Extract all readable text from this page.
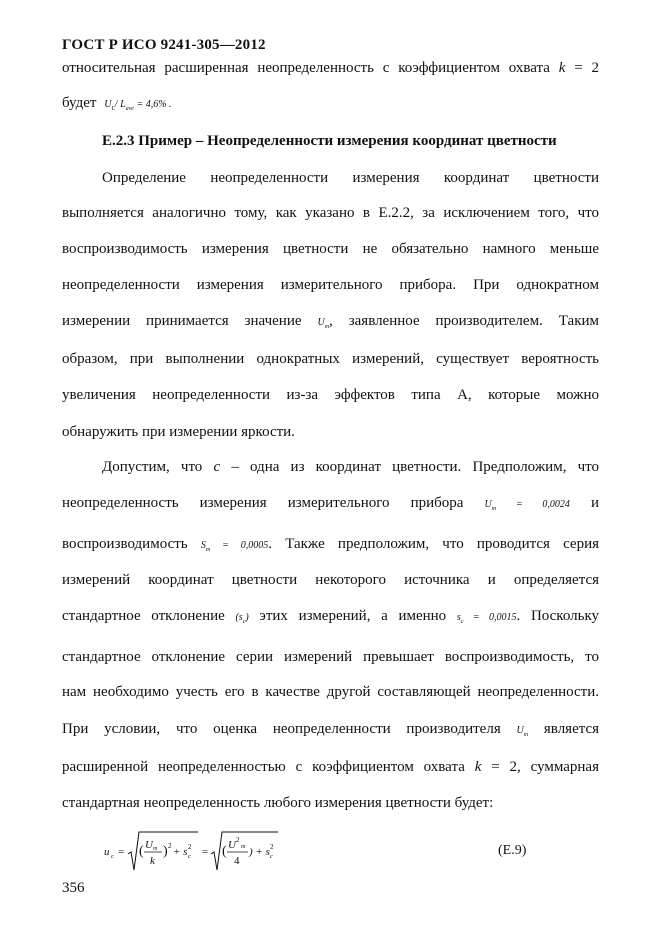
ГОСТ Р ИСО 9241-305—2012
относительная расширенная неопределенность с коэффициентом охвата k = 2
будет $U_L/$ $L_{ave} = 4,6\%$ .
E.2.3 Пример – Неопределенности измерения координат цветности
Определение неопределенности измерения координат цветности
выполняется аналогично тому, как указано в Е.2.2, за исключением того, что
воспроизводимость измерения цветности не обязательно намного меньше
неопределенности измерения измерительного прибора. При однократном
измерении принимается значение $U_m$, заявленное производителем. Таким
образом, при выполнении однократных измерений, существует вероятность
увеличения неопределенности из-за эффектов типа А, которые можно
обнаружить при измерении яркости.
Допустим, что с – одна из координат цветности. Предположим, что
неопределенность измерения измерительного прибора $U_m = 0,0024$ и
воспроизводимость $S_m = 0,0005$. Также предположим, что проводится серия
измерений координат цветности некоторого источника и определяется
стандартное отклонение $(s_c)$ этих измерений, а именно $s_c = 0,0015$. Поскольку
стандартное отклонение серии измерений превышает воспроизводимость, то
нам необходимо учесть его в качестве другой составляющей неопределенности.
При условии, что оценка неопределенности производителя $U_m$ является
расширенной неопределенностью с коэффициентом охвата k = 2, суммарная
стандартная неопределенность любого измерения цветности будет:
u c = ( U m
k
) 2 + s 2
c = ( U 2
m
4
) + s 2
c	(E.9)
356
